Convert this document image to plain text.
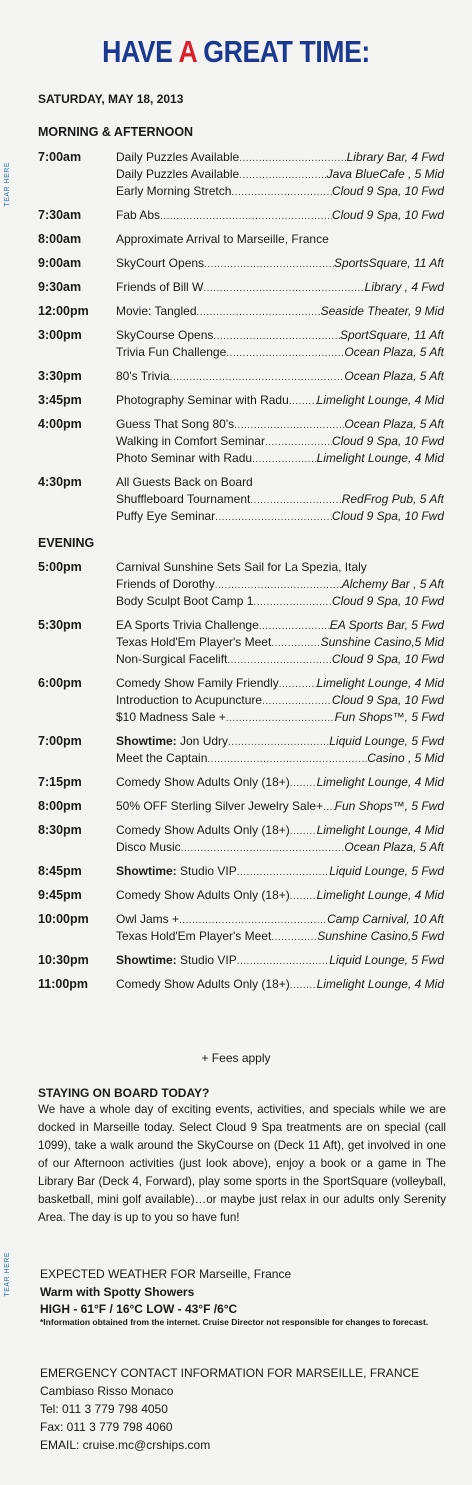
TEAR HERE
TEAR HERE
HAVE A GREAT TIME:
SATURDAY, MAY 18, 2013
MORNING & AFTERNOON
EVENING
7:00am	Daily Puzzles Available .....	Library Bar, 4 Fwd
Daily Puzzles Available .....	Java BlueCafe , 5 Mid
Early Morning Stretch .....	Cloud 9 Spa, 10 Fwd
7:30am	Fab Abs .....	Cloud 9 Spa, 10 Fwd
8:00am	Approximate Arrival to Marseille, France
9:00am	SkyCourt Opens .....	SportsSquare, 11 Aft
9:30am	Friends of Bill W .....	Library , 4 Fwd
12:00pm Movie: Tangled .....	Seaside Theater, 9 Mid
3:00pm	SkyCourse Opens .....	SportSquare, 11 Aft
Trivia Fun Challenge .....	Ocean Plaza, 5 Aft
3:30pm	80's Trivia .....	Ocean Plaza, 5 Aft
3:45pm	Photography Seminar with Radu ..... Limelight Lounge, 4 Mid
4:00pm	Guess That Song 80's .....	Ocean Plaza, 5 Aft
Walking in Comfort Seminar .....	Cloud 9 Spa, 10 Fwd
Photo Seminar with Radu .....	Limelight Lounge, 4 Mid
4:30pm	All Guests Back on Board
Shuffleboard Tournament .....	RedFrog Pub, 5 Aft
Puffy Eye Seminar .....	Cloud 9 Spa, 10 Fwd
5:00pm	Carnival Sunshine Sets Sail for La Spezia, Italy
Friends of Dorothy .....	Alchemy Bar , 5 Aft
Body Sculpt Boot Camp 1 .....	Cloud 9 Spa, 10 Fwd
5:30pm	EA Sports Trivia Challenge .....	EA Sports Bar, 5 Fwd
Texas Hold'Em Player's Meet .....	Sunshine Casino,5 Mid
Non-Surgical Facelift .....	Cloud 9 Spa, 10 Fwd
6:00pm	Comedy Show Family Friendly .....	Limelight Lounge, 4 Mid
Introduction to Acupuncture .....	Cloud 9 Spa, 10 Fwd
$10 Madness Sale + .....	Fun Shops™, 5 Fwd
7:00pm	Showtime: Jon Udry .....	Liquid Lounge, 5 Fwd
Meet the Captain .....	Casino , 5 Mid
7:15pm	Comedy Show Adults Only (18+) ..... Limelight Lounge, 4 Mid
8:00pm	50% OFF Sterling Silver Jewelry Sale+ ..... Fun Shops™, 5 Fwd
8:30pm	Comedy Show Adults Only (18+) ..... Limelight Lounge, 4 Mid
Disco Music .....	Ocean Plaza, 5 Aft
8:45pm	Showtime: Studio VIP .....	Liquid Lounge, 5 Fwd
9:45pm	Comedy Show Adults Only (18+) ..... Limelight Lounge, 4 Mid
10:00pm Owl Jams + .....	Camp Carnival, 10 Aft
Texas Hold'Em Player's Meet .....	Sunshine Casino,5 Fwd
10:30pm Showtime: Studio VIP .....	Liquid Lounge, 5 Fwd
11:00pm Comedy Show Adults Only (18+) ..... Limelight Lounge, 4 Mid
+ Fees apply
STAYING ON BOARD TODAY?
We have a whole day of exciting events, activities, and specials while we are docked in Marseille today. Select Cloud 9 Spa treatments are on special (call 1099), take a walk around the SkyCourse on (Deck 11 Aft), get involved in one of our Afternoon activities (just look above), enjoy a book or a game in The Library Bar (Deck 4, Forward), play some sports in the SportSquare (volleyball, basketball, mini golf available)…or maybe just relax in our adults only Serenity Area. The day is up to you so have fun!
EXPECTED WEATHER FOR Marseille, France
Warm with Spotty Showers
HIGH - 61°F / 16°C LOW - 43°F /6°C
*Information obtained from the internet. Cruise Director not responsible for changes to forecast.
EMERGENCY CONTACT INFORMATION FOR MARSEILLE, FRANCE
Cambiaso Risso Monaco
Tel: 011 3 779 798 4050
Fax: 011 3 779 798 4060
EMAIL: cruise.mc@crships.com
